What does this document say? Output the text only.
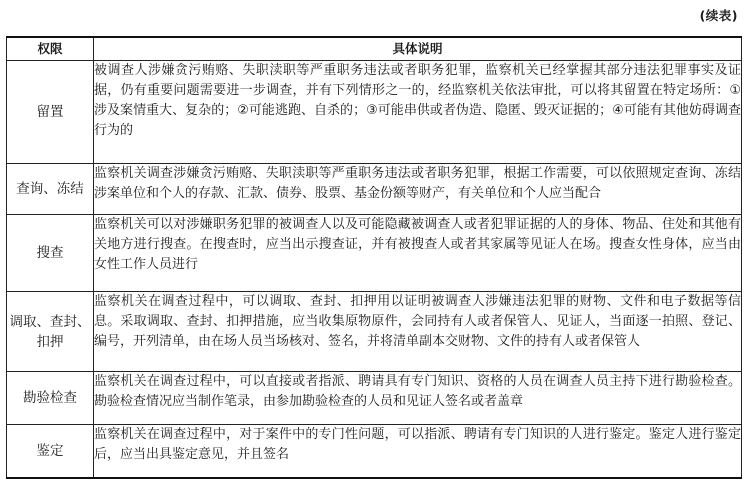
(续表)
权限	具体说明
留置	被调查人涉嫌贪污贿赂、失职渎职等严重职务违法或者职务犯罪，监察机关已经掌握其部分违法犯罪事实及证据，仍有重要问题需要进一步调查，并有下列情形之一的，经监察机关依法审批，可以将其留置在特定场所：①涉及案情重大、复杂的；②可能逃跑、自杀的；③可能串供或者伪造、隐匿、毁灭证据的；④可能有其他妨碍调查行为的
查询、冻结	监察机关调查涉嫌贪污贿赂、失职渎职等严重职务违法或者职务犯罪，根据工作需要，可以依照规定查询、冻结涉案单位和个人的存款、汇款、债券、股票、基金份额等财产，有关单位和个人应当配合
搜查	监察机关可以对涉嫌职务犯罪的被调查人以及可能隐藏被调查人或者犯罪证据的人的身体、物品、住处和其他有关地方进行搜查。在搜查时，应当出示搜查证，并有被搜查人或者其家属等见证人在场。搜查女性身体，应当由女性工作人员进行
调取、查封、扣押	监察机关在调查过程中，可以调取、查封、扣押用以证明被调查人涉嫌违法犯罪的财物、文件和电子数据等信息。采取调取、查封、扣押措施，应当收集原物原件，会同持有人或者保管人、见证人，当面逐一拍照、登记、编号，开列清单，由在场人员当场核对、签名，并将清单副本交财物、文件的持有人或者保管人
勘验检查	监察机关在调查过程中，可以直接或者指派、聘请具有专门知识、资格的人员在调查人员主持下进行勘验检查。勘验检查情况应当制作笔录，由参加勘验检查的人员和见证人签名或者盖章
鉴定	监察机关在调查过程中，对于案件中的专门性问题，可以指派、聘请有专门知识的人进行鉴定。鉴定人进行鉴定后，应当出具鉴定意见，并且签名
